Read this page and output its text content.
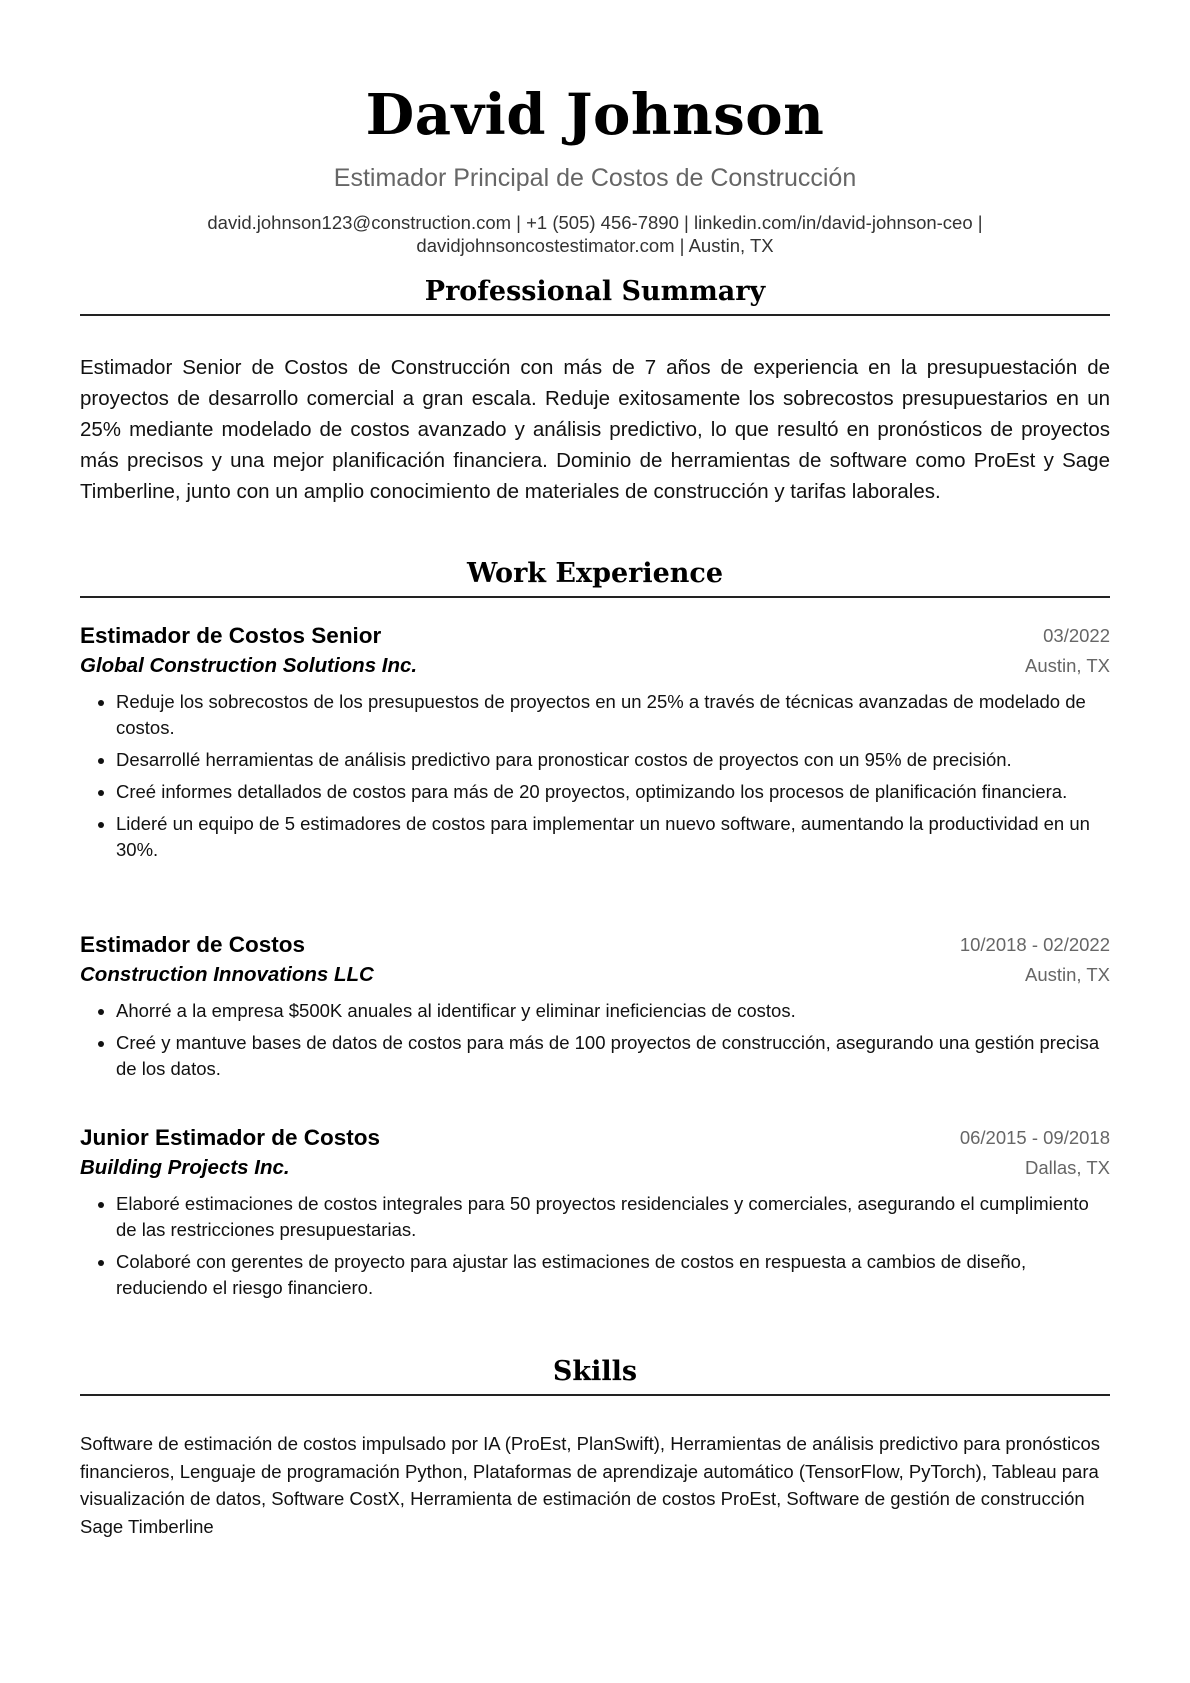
David Johnson
Estimador Principal de Costos de Construcción
david.johnson123@construction.com | +1 (505) 456-7890 | linkedin.com/in/david-johnson-ceo |
davidjohnsoncostestimator.com | Austin, TX
Professional Summary

Estimador Senior de Costos de Construcción con más de 7 años de experiencia en la presupuestación de proyectos de desarrollo comercial a gran escala. Reduje exitosamente los sobrecostos presupuestarios en un 25% mediante modelado de costos avanzado y análisis predictivo, lo que resultó en pronósticos de proyectos más precisos y una mejor planificación financiera. Dominio de herramientas de software como ProEst y Sage Timberline, junto con un amplio conocimiento de materiales de construcción y tarifas laborales.

Work Experience
Estimador de Costos Senior	03/2022
Global Construction Solutions Inc.	Austin, TX
• Reduje los sobrecostos de los presupuestos de proyectos en un 25% a través de técnicas avanzadas de modelado de costos.
• Desarrollé herramientas de análisis predictivo para pronosticar costos de proyectos con un 95% de precisión.
• Creé informes detallados de costos para más de 20 proyectos, optimizando los procesos de planificación financiera.
• Lideré un equipo de 5 estimadores de costos para implementar un nuevo software, aumentando la productividad en un 30%.
Estimador de Costos	10/2018 - 02/2022
Construction Innovations LLC	Austin, TX
• Ahorré a la empresa $500K anuales al identificar y eliminar ineficiencias de costos.
• Creé y mantuve bases de datos de costos para más de 100 proyectos de construcción, asegurando una gestión precisa de los datos.
Junior Estimador de Costos	06/2015 - 09/2018
Building Projects Inc.	Dallas, TX
• Elaboré estimaciones de costos integrales para 50 proyectos residenciales y comerciales, asegurando el cumplimiento de las restricciones presupuestarias.
• Colaboré con gerentes de proyecto para ajustar las estimaciones de costos en respuesta a cambios de diseño, reduciendo el riesgo financiero.
Skills

Software de estimación de costos impulsado por IA (ProEst, PlanSwift), Herramientas de análisis predictivo para pronósticos financieros, Lenguaje de programación Python, Plataformas de aprendizaje automático (TensorFlow, PyTorch), Tableau para visualización de datos, Software CostX, Herramienta de estimación de costos ProEst, Software de gestión de construcción Sage Timberline
